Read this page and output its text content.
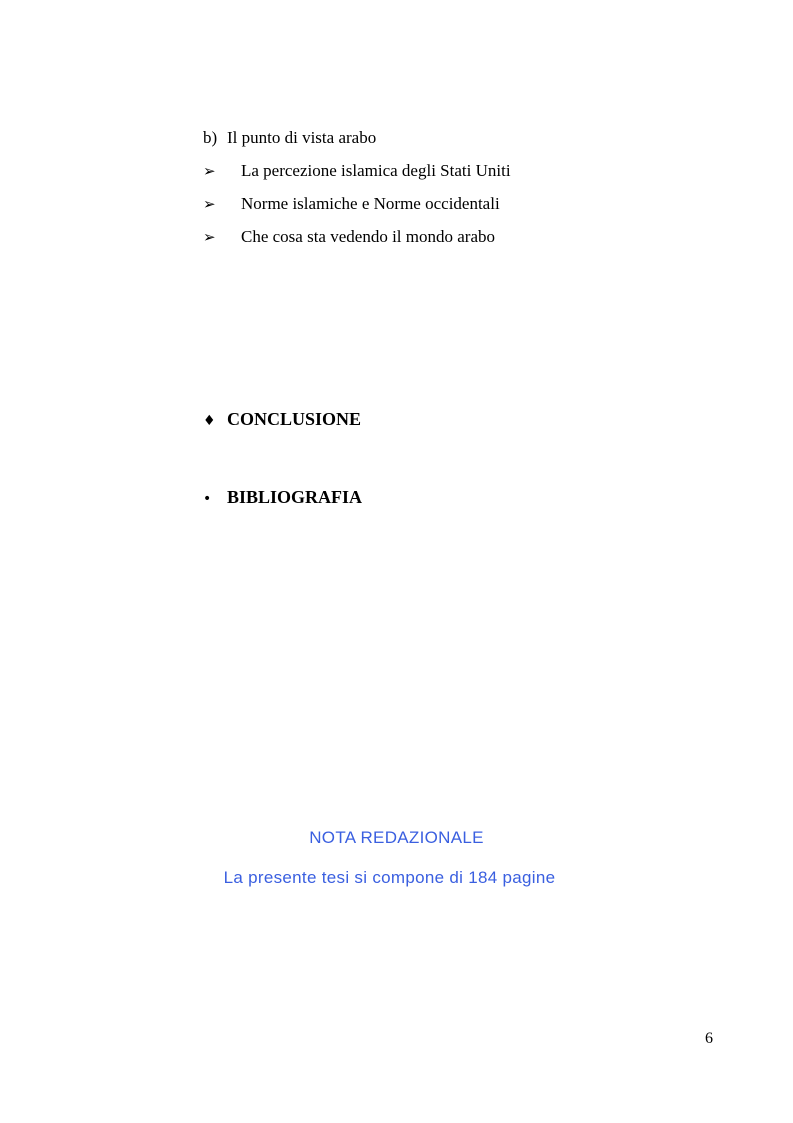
b) Il punto di vista arabo
➢ La percezione islamica degli Stati Uniti
➢ Norme islamiche e Norme occidentali
➢ Che cosa sta vedendo il mondo arabo
♦ CONCLUSIONE
• BIBLIOGRAFIA
NOTA REDAZIONALE
La presente tesi si compone di 184 pagine
6
